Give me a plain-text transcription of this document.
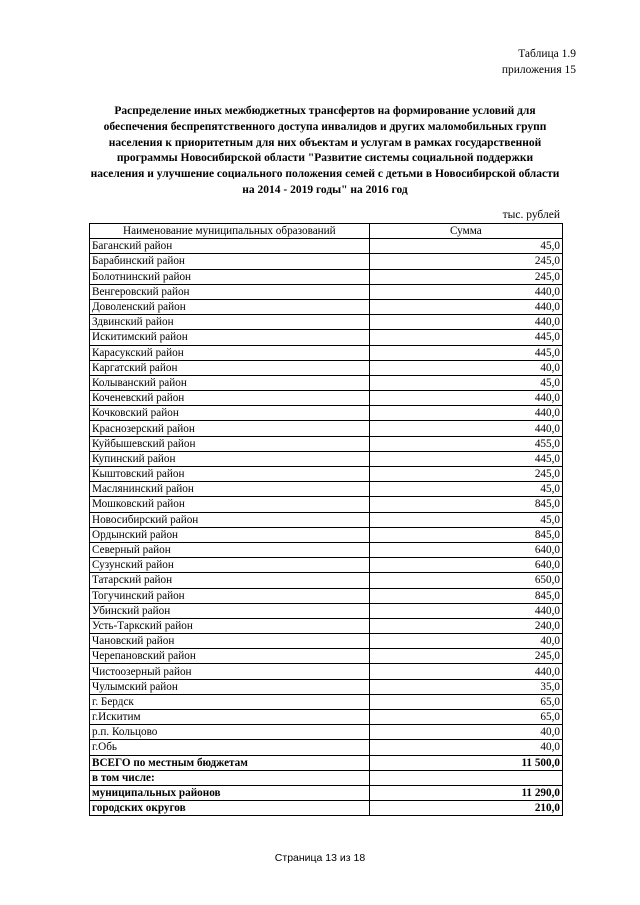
Таблица 1.9
приложения 15
Распределение иных межбюджетных трансфертов на формирование условий для обеспечения беспрепятственного доступа инвалидов и других маломобильных групп населения к приоритетным для них объектам и услугам в рамках государственной программы Новосибирской области "Развитие системы социальной поддержки населения и улучшение социального положения семей с детьми в Новосибирской области на 2014 - 2019 годы" на 2016 год
тыс. рублей
Наименование муниципальных образований	Сумма
Баганский район	45,0
Барабинский район	245,0
Болотнинский район	245,0
Венгеровский район	440,0
Доволенский район	440,0
Здвинский район	440,0
Искитимский район	445,0
Карасукский район	445,0
Каргатский район	40,0
Колыванский район	45,0
Коченевский район	440,0
Кочковский район	440,0
Краснозерский район	440,0
Куйбышевский район	455,0
Купинский район	445,0
Кыштовский район	245,0
Маслянинский район	45,0
Мошковский район	845,0
Новосибирский район	45,0
Ордынский район	845,0
Северный район	640,0
Сузунский район	640,0
Татарский район	650,0
Тогучинский район	845,0
Убинский район	440,0
Усть-Таркский район	240,0
Чановский район	40,0
Черепановский район	245,0
Чистоозерный район	440,0
Чулымский район	35,0
г. Бердск	65,0
г.Искитим	65,0
р.п. Кольцово	40,0
г.Обь	40,0
ВСЕГО по местным бюджетам	11 500,0
в том числе:	
муниципальных районов	11 290,0
городских округов	210,0
Страница 13 из 18
